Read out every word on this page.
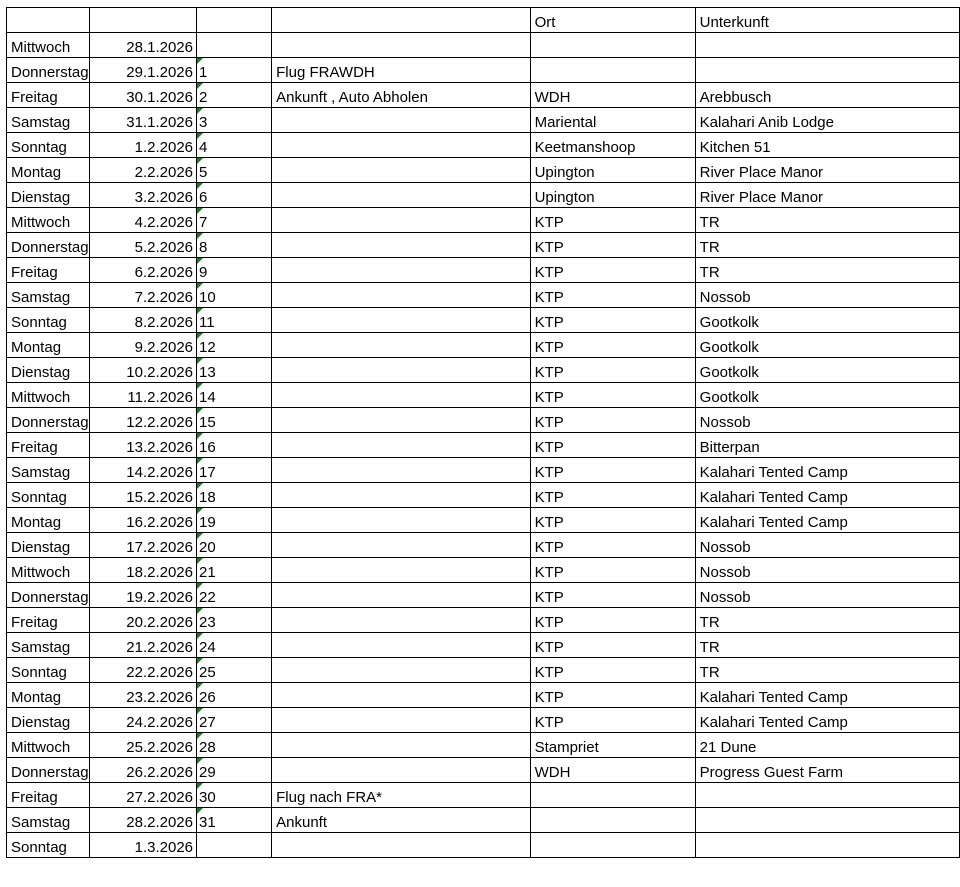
				Ort	Unterkunft
Mittwoch	28.1.2026				
Donnerstag	29.1.2026	1	Flug FRAWDH		
Freitag	30.1.2026	2	Ankunft , Auto Abholen	WDH	Arebbusch
Samstag	31.1.2026	3		Mariental	Kalahari Anib Lodge
Sonntag	1.2.2026	4		Keetmanshoop	Kitchen 51
Montag	2.2.2026	5		Upington	River Place Manor
Dienstag	3.2.2026	6		Upington	River Place Manor
Mittwoch	4.2.2026	7		KTP	TR
Donnerstag	5.2.2026	8		KTP	TR
Freitag	6.2.2026	9		KTP	TR
Samstag	7.2.2026	10		KTP	Nossob
Sonntag	8.2.2026	11		KTP	Gootkolk
Montag	9.2.2026	12		KTP	Gootkolk
Dienstag	10.2.2026	13		KTP	Gootkolk
Mittwoch	11.2.2026	14		KTP	Gootkolk
Donnerstag	12.2.2026	15		KTP	Nossob
Freitag	13.2.2026	16		KTP	Bitterpan
Samstag	14.2.2026	17		KTP	Kalahari Tented Camp
Sonntag	15.2.2026	18		KTP	Kalahari Tented Camp
Montag	16.2.2026	19		KTP	Kalahari Tented Camp
Dienstag	17.2.2026	20		KTP	Nossob
Mittwoch	18.2.2026	21		KTP	Nossob
Donnerstag	19.2.2026	22		KTP	Nossob
Freitag	20.2.2026	23		KTP	TR
Samstag	21.2.2026	24		KTP	TR
Sonntag	22.2.2026	25		KTP	TR
Montag	23.2.2026	26		KTP	Kalahari Tented Camp
Dienstag	24.2.2026	27		KTP	Kalahari Tented Camp
Mittwoch	25.2.2026	28		Stampriet	21 Dune
Donnerstag	26.2.2026	29		WDH	Progress Guest Farm
Freitag	27.2.2026	30	Flug nach FRA*		
Samstag	28.2.2026	31	Ankunft		
Sonntag	1.3.2026				
